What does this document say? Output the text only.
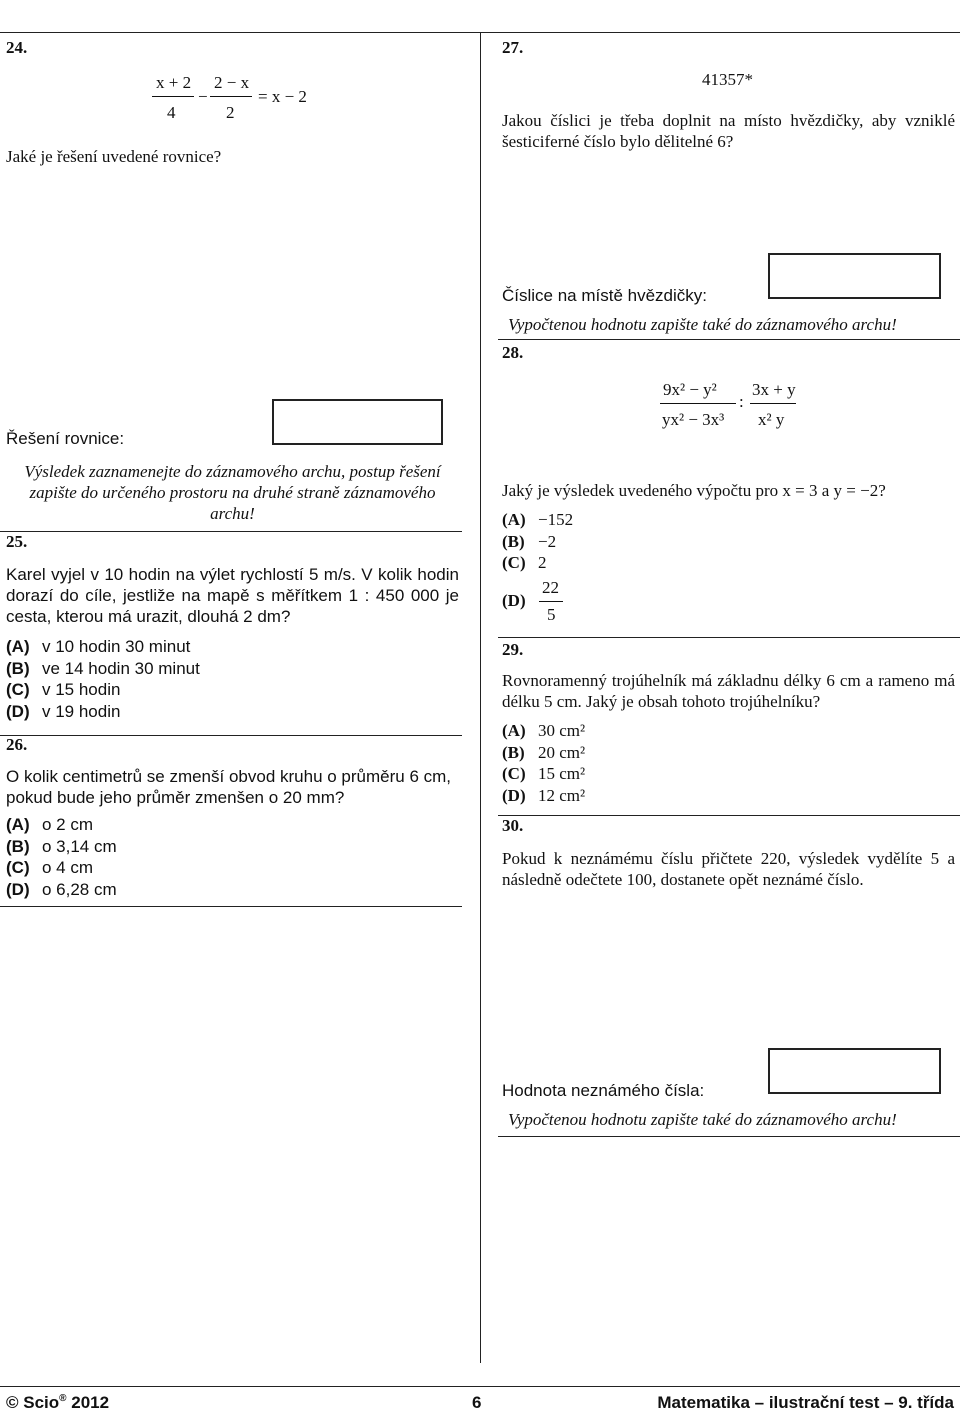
24.
x + 2
4
−
2 − x
2
= x − 2
Jaké je řešení uvedené rovnice?
Řešení rovnice:
Výsledek zaznamenejte do záznamového archu, postup řešení zapište do určeného prostoru na druhé straně záznamového archu!
25.
Karel vyjel v 10 hodin na výlet rychlostí 5 m/s. V kolik hodin dorazí do cíle, jestliže na mapě s měřítkem 1 : 450 000 je cesta, kterou má urazit, dlouhá 2 dm?
(A) v 10 hodin 30 minut
(B) ve 14 hodin 30 minut
(C) v 15 hodin
(D) v 19 hodin
26.
O kolik centimetrů se zmenší obvod kruhu o průměru 6 cm, pokud bude jeho průměr zmenšen o 20 mm?
(A) o 2 cm
(B) o 3,14 cm
(C) o 4 cm
(D) o 6,28 cm
27.
41357*
Jakou číslici je třeba doplnit na místo hvězdičky, aby vzniklé šesticiferné číslo bylo dělitelné 6?
Číslice na místě hvězdičky:
Vypočtenou hodnotu zapište také do záznamového archu!
28.
9x² − y²
yx² − 3x³
:
3x + y
x² y
Jaký je výsledek uvedeného výpočtu pro x = 3 a y = −2?
(A) −152
(B) −2
(C) 2
(D)
22
5
29.
Rovnoramenný trojúhelník má základnu délky 6 cm a rameno má délku 5 cm. Jaký je obsah tohoto trojúhelníku?
(A) 30 cm²
(B) 20 cm²
(C) 15 cm²
(D) 12 cm²
30.
Pokud k neznámému číslu přičtete 220, výsledek vydělíte 5 a následně odečtete 100, dostanete opět neznámé číslo.
Hodnota neznámého čísla:
Vypočtenou hodnotu zapište také do záznamového archu!
© Scio® 2012	6	Matematika – ilustrační test – 9. třída
